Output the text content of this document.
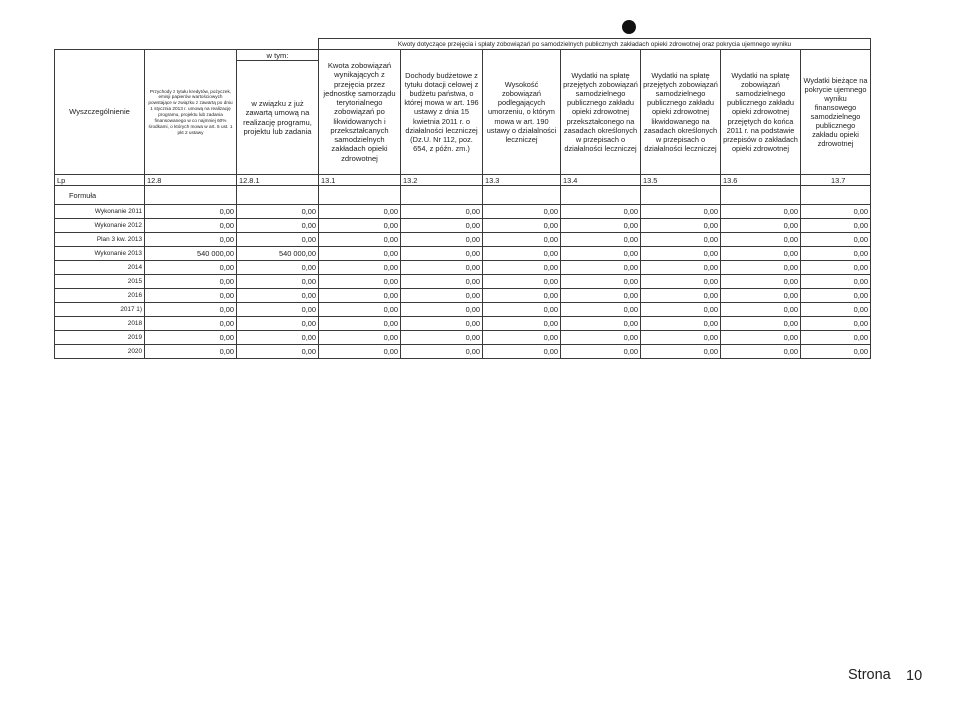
			Kwoty dotyczące przejęcia i spłaty zobowiązań po samodzielnych publicznych zakładach opieki zdrowotnej oraz pokrycia ujemnego wyniku						
Wyszczególnienie	Przychody z tytułu kredytów, pożyczek, emisji papierów wartościowych powstające w związku z zawartą po dniu 1 stycznia 2013 r. umową na realizację programu, projektu lub zadania finansowanego w co najmniej 60% środkami, o których mowa w art. 5 ust. 1 pkt 2 ustawy	w tym:	Kwota zobowiązań wynikających z przejęcia przez jednostkę samorządu terytorialnego zobowiązań po likwidowanych i przekształcanych samodzielnych zakładach opieki zdrowotnej	Dochody budżetowe z tytułu dotacji celowej z budżetu państwa, o której mowa w art. 196 ustawy z dnia 15 kwietnia 2011 r. o działalności leczniczej (Dz.U. Nr 112, poz. 654, z późn. zm.)	Wysokość zobowiązań podlegających umorzeniu, o którym mowa w art. 190 ustawy o działalności leczniczej	Wydatki na spłatę przejętych zobowiązań samodzielnego publicznego zakładu opieki zdrowotnej przekształconego na zasadach określonych w przepisach o działalności leczniczej	Wydatki na spłatę przejętych zobowiązań samodzielnego publicznego zakładu opieki zdrowotnej likwidowanego na zasadach określonych w przepisach o działalności leczniczej	Wydatki na spłatę zobowiązań samodzielnego publicznego zakładu opieki zdrowotnej przejętych do końca 2011 r. na podstawie przepisów o zakładach opieki zdrowotnej	Wydatki bieżące na pokrycie ujemnego wyniku finansowego samodzielnego publicznego zakładu opieki zdrowotnej
		w związku z już zawartą umową na realizację programu, projektu lub zadania							
Lp	12.8	12.8.1	13.1	13.2	13.3	13.4	13.5	13.6	13.7
Formuła									
Wykonanie 2011	0,00	0,00	0,00	0,00	0,00	0,00	0,00	0,00	0,00
Wykonanie 2012	0,00	0,00	0,00	0,00	0,00	0,00	0,00	0,00	0,00
Plan 3 kw. 2013	0,00	0,00	0,00	0,00	0,00	0,00	0,00	0,00	0,00
Wykonanie 2013	540 000,00	540 000,00	0,00	0,00	0,00	0,00	0,00	0,00	0,00
2014	0,00	0,00	0,00	0,00	0,00	0,00	0,00	0,00	0,00
2015	0,00	0,00	0,00	0,00	0,00	0,00	0,00	0,00	0,00
2016	0,00	0,00	0,00	0,00	0,00	0,00	0,00	0,00	0,00
2017 1)	0,00	0,00	0,00	0,00	0,00	0,00	0,00	0,00	0,00
2018	0,00	0,00	0,00	0,00	0,00	0,00	0,00	0,00	0,00
2019	0,00	0,00	0,00	0,00	0,00	0,00	0,00	0,00	0,00
2020	0,00	0,00	0,00	0,00	0,00	0,00	0,00	0,00	0,00
Strona 10
